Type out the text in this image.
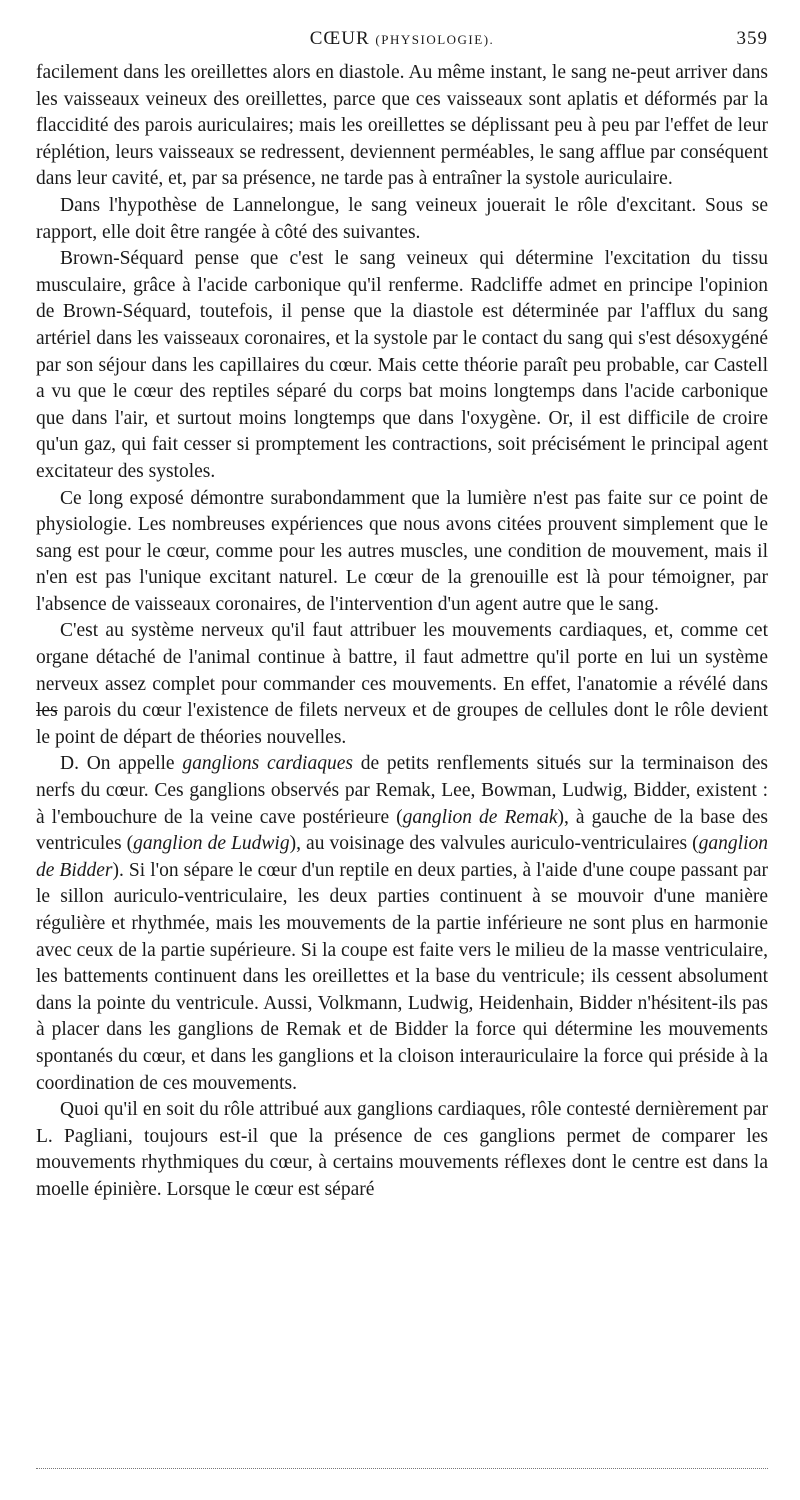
CŒUR (PHYSIOLOGIE).	359

facilement dans les oreillettes alors en diastole. Au même instant, le sang ne-peut arriver dans les vaisseaux veineux des oreillettes, parce que ces vaisseaux sont aplatis et déformés par la flaccidité des parois auriculaires; mais les oreillettes se déplissant peu à peu par l'effet de leur réplétion, leurs vaisseaux se redressent, deviennent perméables, le sang afflue par conséquent dans leur cavité, et, par sa présence, ne tarde pas à entraîner la systole auriculaire.

Dans l'hypothèse de Lannelongue, le sang veineux jouerait le rôle d'excitant. Sous se rapport, elle doit être rangée à côté des suivantes.

Brown-Séquard pense que c'est le sang veineux qui détermine l'excitation du tissu musculaire, grâce à l'acide carbonique qu'il renferme. Radcliffe admet en principe l'opinion de Brown-Séquard, toutefois, il pense que la diastole est déterminée par l'afflux du sang artériel dans les vaisseaux coronaires, et la systole par le contact du sang qui s'est désoxygéné par son séjour dans les capillaires du cœur. Mais cette théorie paraît peu probable, car Castell a vu que le cœur des reptiles séparé du corps bat moins longtemps dans l'acide carbonique que dans l'air, et surtout moins longtemps que dans l'oxygène. Or, il est difficile de croire qu'un gaz, qui fait cesser si promptement les contractions, soit précisément le principal agent excitateur des systoles.

Ce long exposé démontre surabondamment que la lumière n'est pas faite sur ce point de physiologie. Les nombreuses expériences que nous avons citées prouvent simplement que le sang est pour le cœur, comme pour les autres muscles, une condition de mouvement, mais il n'en est pas l'unique excitant naturel. Le cœur de la grenouille est là pour témoigner, par l'absence de vaisseaux coronaires, de l'intervention d'un agent autre que le sang.

C'est au système nerveux qu'il faut attribuer les mouvements cardiaques, et, comme cet organe détaché de l'animal continue à battre, il faut admettre qu'il porte en lui un système nerveux assez complet pour commander ces mouvements. En effet, l'anatomie a révélé dans les parois du cœur l'existence de filets nerveux et de groupes de cellules dont le rôle devient le point de départ de théories nouvelles.

D. On appelle ganglions cardiaques de petits renflements situés sur la terminaison des nerfs du cœur. Ces ganglions observés par Remak, Lee, Bowman, Ludwig, Bidder, existent : à l'embouchure de la veine cave postérieure (ganglion de Remak), à gauche de la base des ventricules (ganglion de Ludwig), au voisinage des valvules auriculo-ventriculaires (ganglion de Bidder). Si l'on sépare le cœur d'un reptile en deux parties, à l'aide d'une coupe passant par le sillon auriculo-ventriculaire, les deux parties continuent à se mouvoir d'une manière régulière et rhythmée, mais les mouvements de la partie inférieure ne sont plus en harmonie avec ceux de la partie supérieure. Si la coupe est faite vers le milieu de la masse ventriculaire, les battements continuent dans les oreillettes et la base du ventricule; ils cessent absolument dans la pointe du ventricule. Aussi, Volkmann, Ludwig, Heidenhain, Bidder n'hésitent-ils pas à placer dans les ganglions de Remak et de Bidder la force qui détermine les mouvements spontanés du cœur, et dans les ganglions et la cloison interauriculaire la force qui préside à la coordination de ces mouvements.

Quoi qu'il en soit du rôle attribué aux ganglions cardiaques, rôle contesté dernièrement par L. Pagliani, toujours est-il que la présence de ces ganglions permet de comparer les mouvements rhythmiques du cœur, à certains mouvements réflexes dont le centre est dans la moelle épinière. Lorsque le cœur est séparé
